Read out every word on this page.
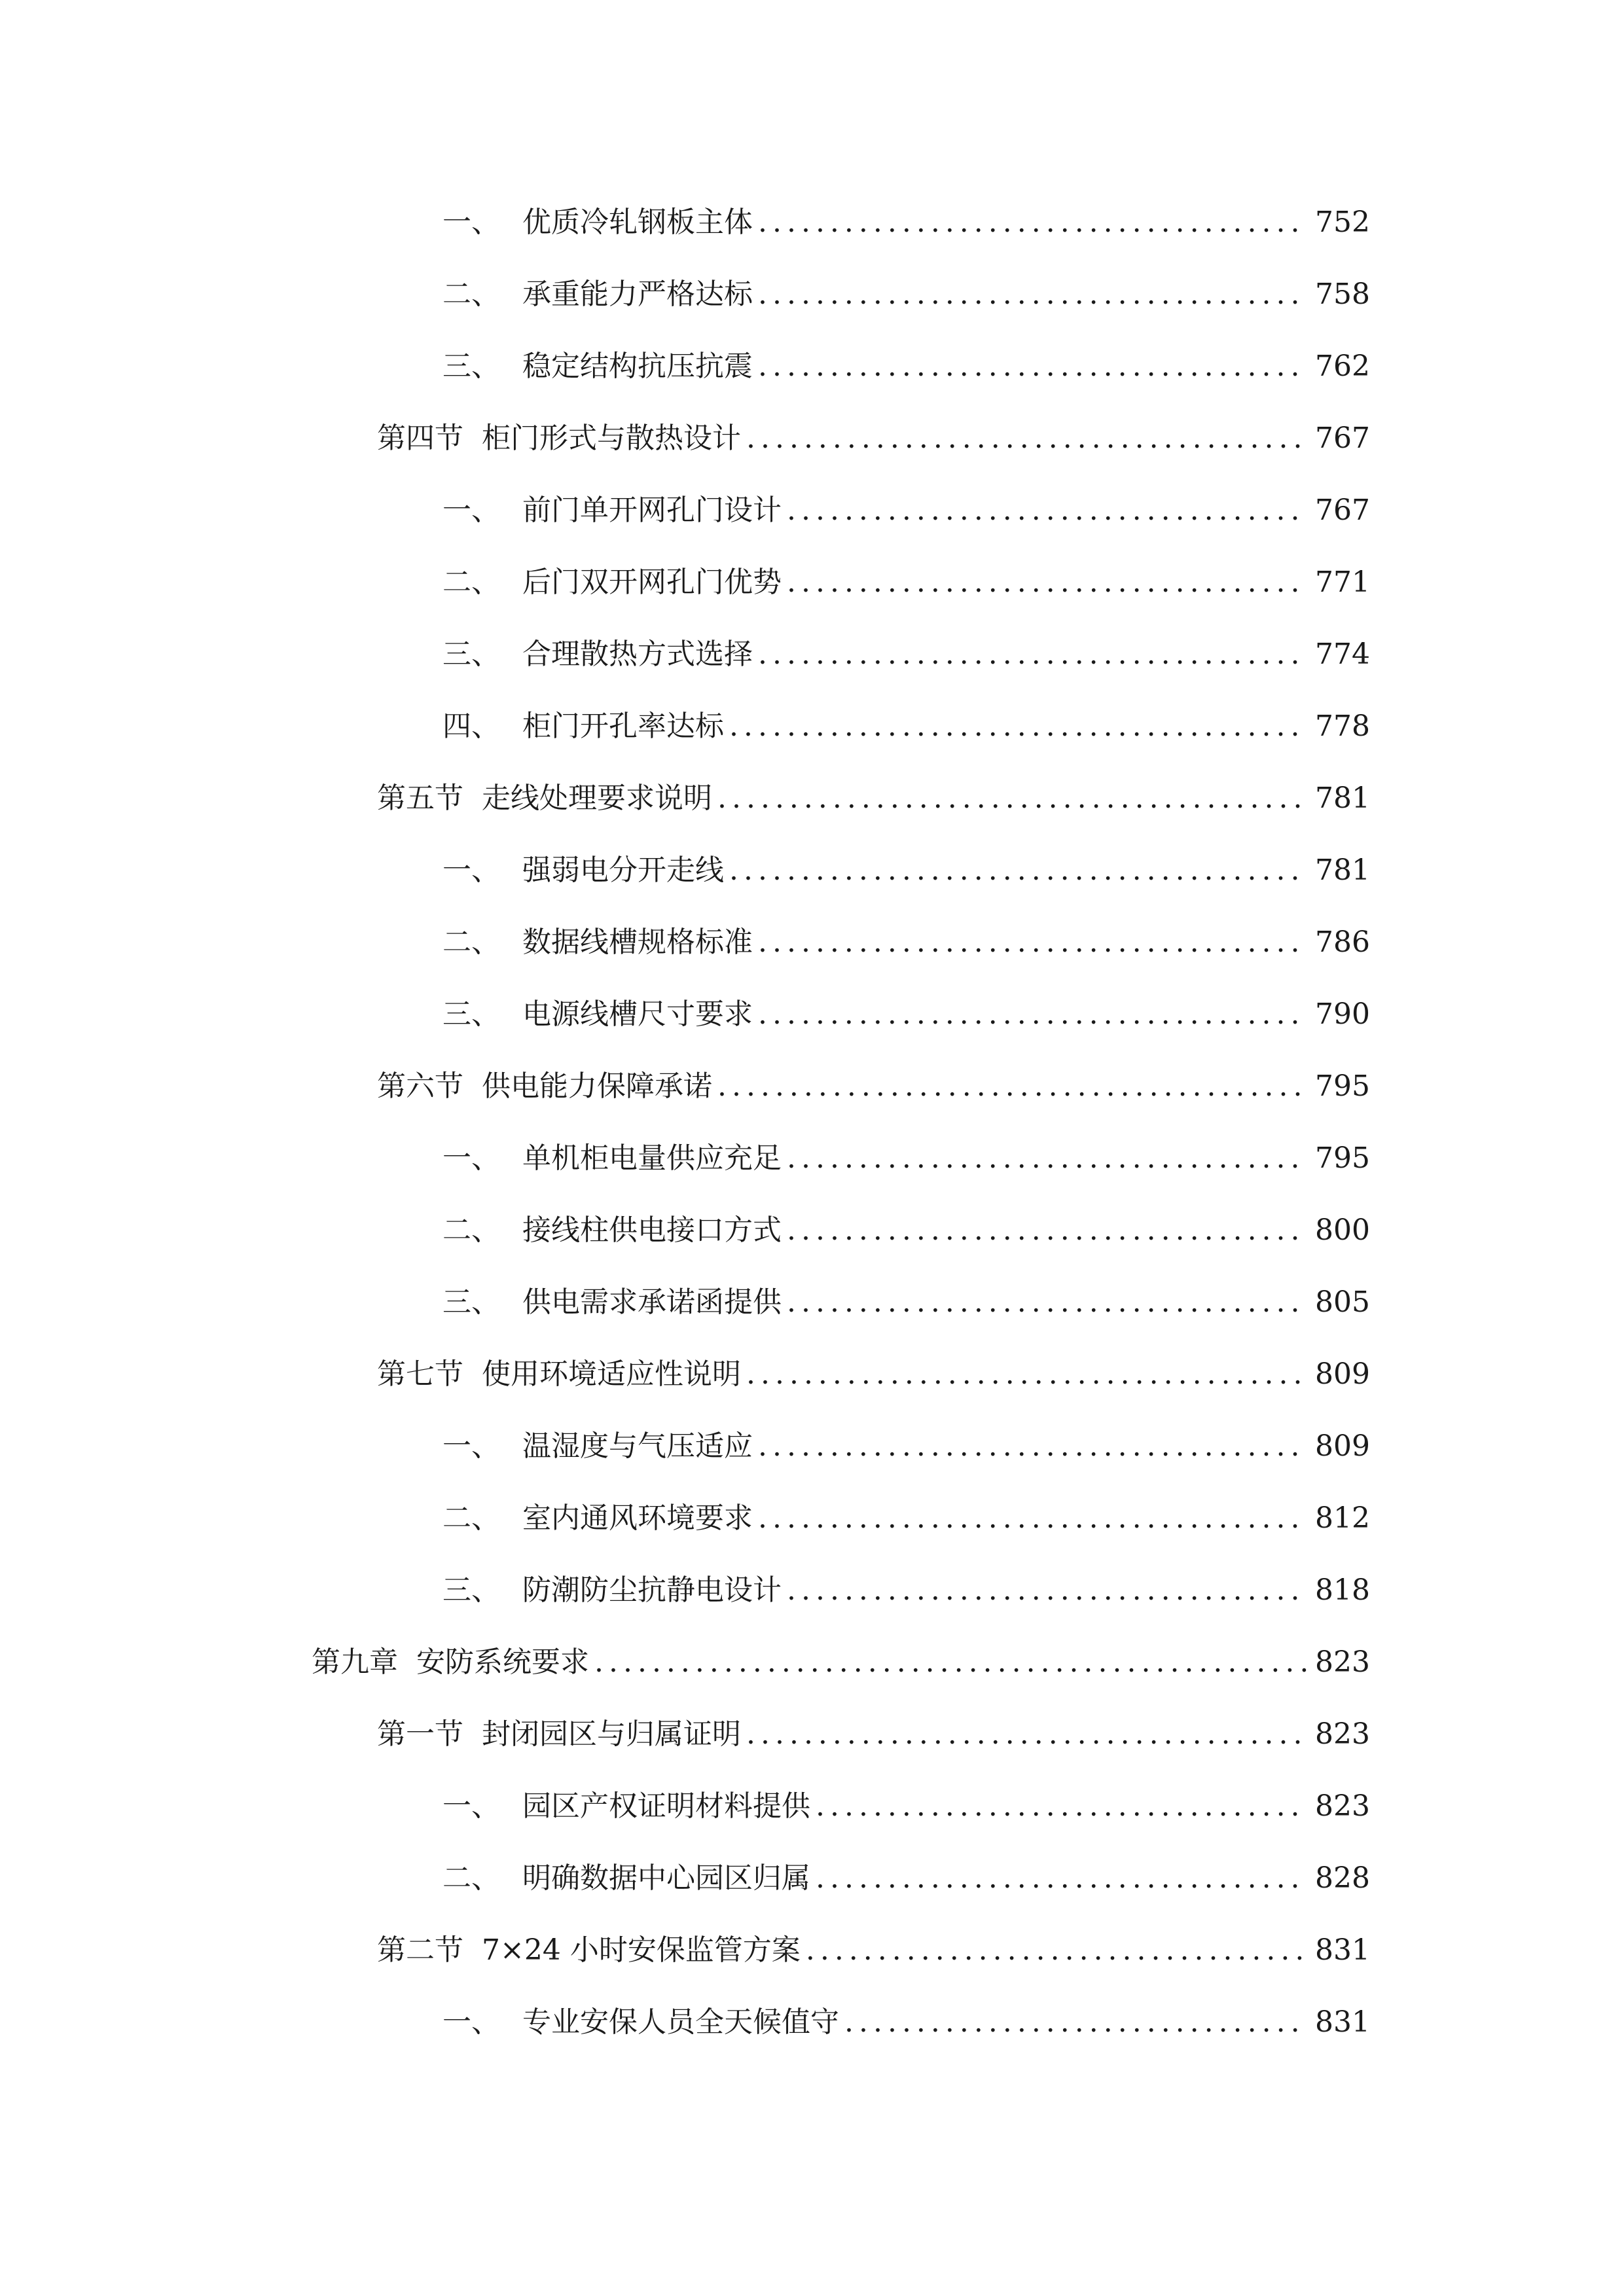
一、 优质冷轧钢板主体 .....	752
二、 承重能力严格达标 .....	758
三、 稳定结构抗压抗震 .....	762
第四节 柜门形式与散热设计 .....	767
一、 前门单开网孔门设计 .....	767
二、 后门双开网孔门优势 .....	771
三、 合理散热方式选择 .....	774
四、 柜门开孔率达标 .....	778
第五节 走线处理要求说明 .....	781
一、 强弱电分开走线 .....	781
二、 数据线槽规格标准 .....	786
三、 电源线槽尺寸要求 .....	790
第六节 供电能力保障承诺 .....	795
一、 单机柜电量供应充足 .....	795
二、 接线柱供电接口方式 .....	800
三、 供电需求承诺函提供 .....	805
第七节 使用环境适应性说明 .....	809
一、 温湿度与气压适应 .....	809
二、 室内通风环境要求 .....	812
三、 防潮防尘抗静电设计 .....	818
第九章 安防系统要求 .....	823
第一节 封闭园区与归属证明 .....	823
一、 园区产权证明材料提供 .....	823
二、 明确数据中心园区归属 .....	828
第二节 7×24 小时安保监管方案 .....	831
一、 专业安保人员全天候值守 .....	831
